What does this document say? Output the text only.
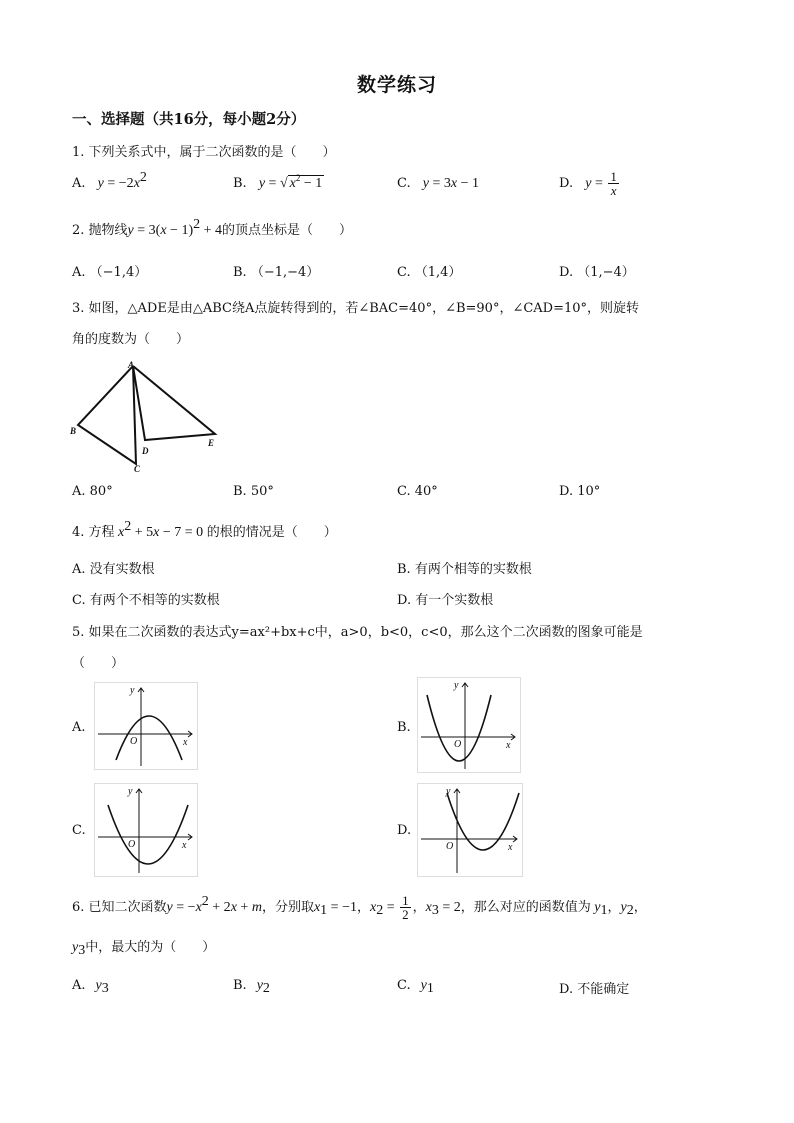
数学练习
一、选择题（共16分，每小题2分）
1. 下列关系式中，属于二次函数的是（　　）
A. $y = -2x^2$	B. y = √ $x^2 - 1$	C. y = 3x − 1	D. $y = \frac{1}{x}$
2. 抛物线$y = 3(x - 1)^2 + 4$的顶点坐标是（　　）
A. （−1,4）	B. （−1,−4）	C. （1,4）	D. （1,−4）
3. 如图，△ADE是由△ABC绕A点旋转得到的，若∠BAC=40°，∠B=90°，∠CAD=10°，则旋转
角的度数为（　　）
A
B
C
D
E
A. 80°	B. 50°	C. 40°	D. 10°
4. 方程 $x^2 + 5x - 7 = 0$ 的根的情况是（　　）
A. 没有实数根	B. 有两个相等的实数根
C. 有两个不相等的实数根	D. 有一个实数根
5. 如果在二次函数的表达式y=ax²+bx+c中，a>0，b<0，c<0，那么这个二次函数的图象可能是
（　　）
A.
y
O	x
B.
y
O	x
C.
y
O	x
D.
y
O	x
6. 已知二次函数$y = -x^2 + 2x + m$，分别取$x_1 = -1$，$x_2 = \frac{1}{2}$ ，$x_3 = 2$，那么对应的函数值为 $y_1$，$y_2$，
$y_3$中，最大的为（　　）
A. $y_3$	B. $y_2$	C. $y_1$	D. 不能确定
